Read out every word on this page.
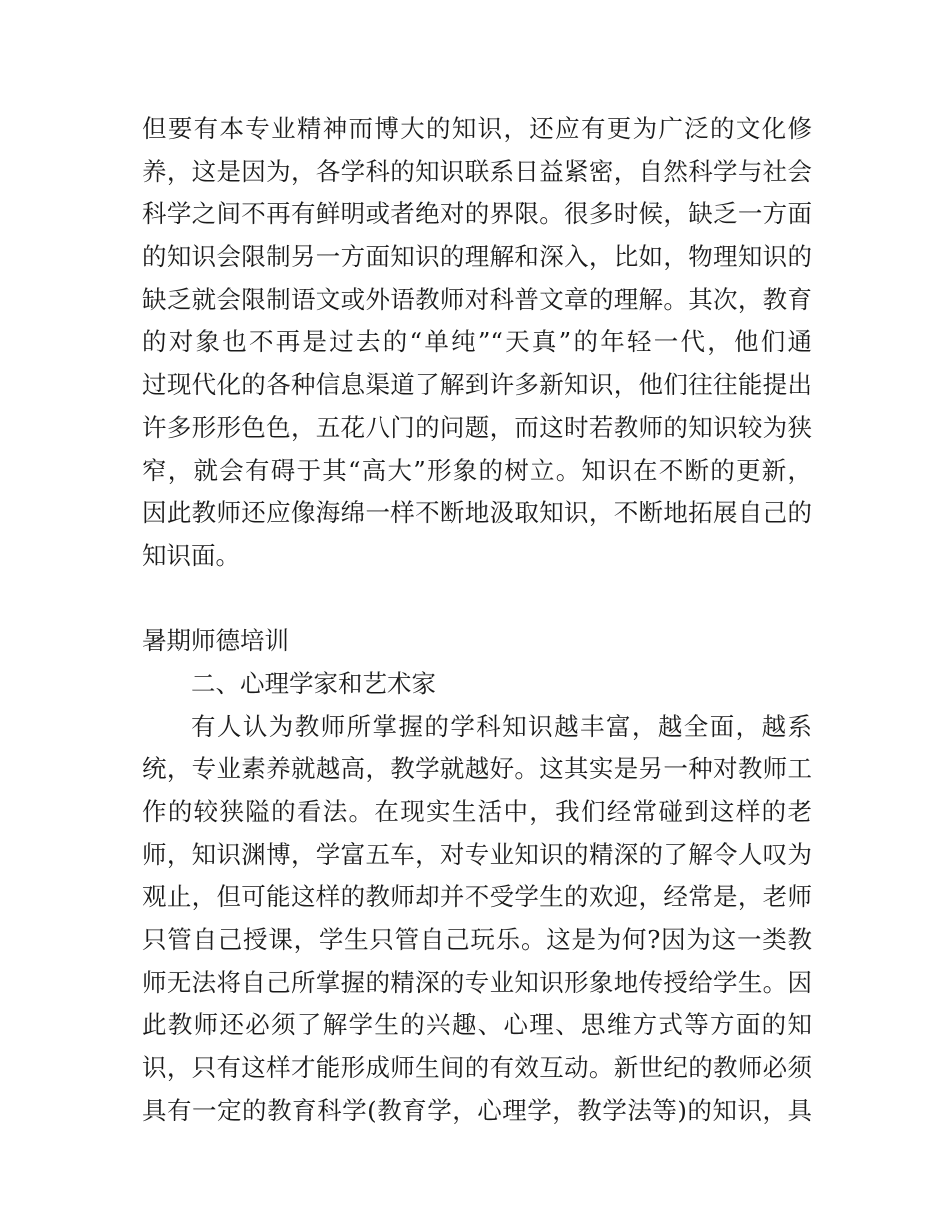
但要有本专业精神而博大的知识，还应有更为广泛的文化修
养，这是因为，各学科的知识联系日益紧密，自然科学与社会
科学之间不再有鲜明或者绝对的界限。很多时候，缺乏一方面
的知识会限制另一方面知识的理解和深入，比如，物理知识的
缺乏就会限制语文或外语教师对科普文章的理解。其次，教育
的对象也不再是过去的“单纯”“天真”的年轻一代，他们通
过现代化的各种信息渠道了解到许多新知识，他们往往能提出
许多形形色色，五花八门的问题，而这时若教师的知识较为狭
窄，就会有碍于其“高大”形象的树立。知识在不断的更新，
因此教师还应像海绵一样不断地汲取知识，不断地拓展自己的
知识面。
暑期师德培训
二、心理学家和艺术家
有人认为教师所掌握的学科知识越丰富，越全面，越系
统，专业素养就越高，教学就越好。这其实是另一种对教师工
作的较狭隘的看法。在现实生活中，我们经常碰到这样的老
师，知识渊博，学富五车，对专业知识的精深的了解令人叹为
观止，但可能这样的教师却并不受学生的欢迎，经常是，老师
只管自己授课，学生只管自己玩乐。这是为何?因为这一类教
师无法将自己所掌握的精深的专业知识形象地传授给学生。因
此教师还必须了解学生的兴趣、心理、思维方式等方面的知
识，只有这样才能形成师生间的有效互动。新世纪的教师必须
具有一定的教育科学(教育学，心理学，教学法等)的知识，具
